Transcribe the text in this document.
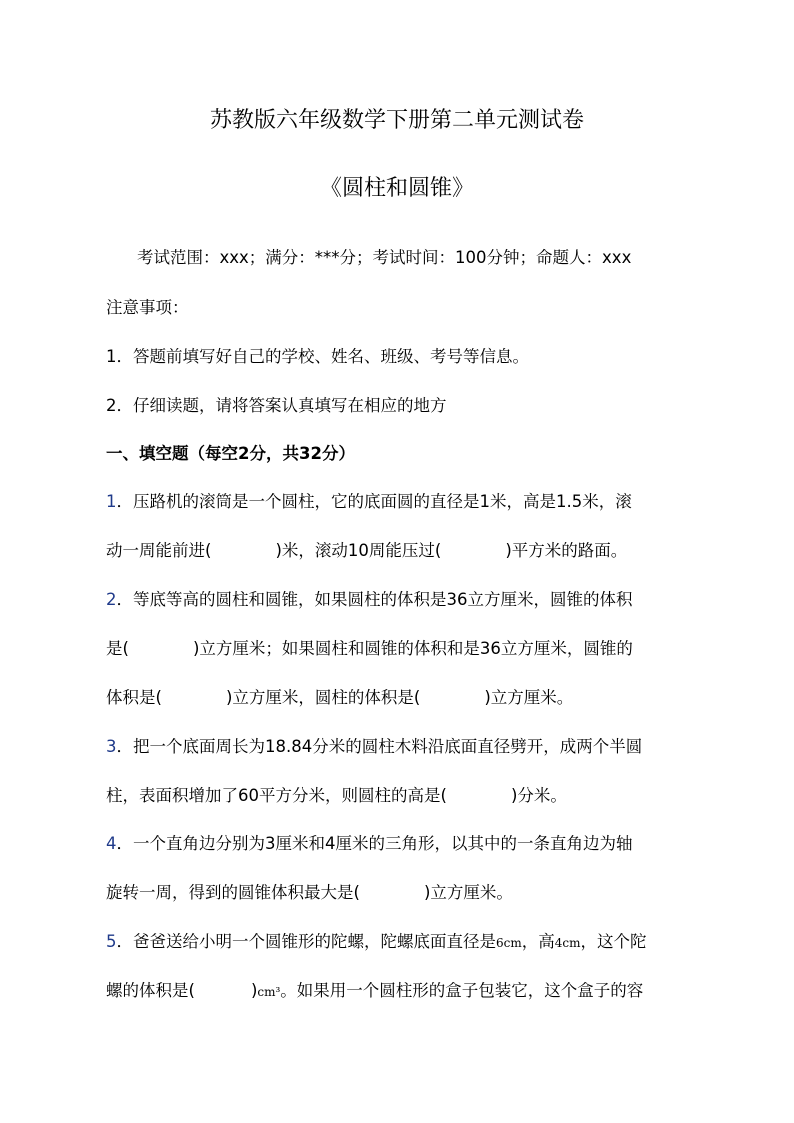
苏教版六年级数学下册第二单元测试卷
《圆柱和圆锥》
考试范围：xxx；满分：***分；考试时间：100分钟；命题人：xxx
注意事项：
1．答题前填写好自己的学校、姓名、班级、考号等信息。
2．仔细读题，请将答案认真填写在相应的地方
一、填空题（每空2分，共32分）
1．压路机的滚筒是一个圆柱，它的底面圆的直径是1米，高是1.5米，滚
动一周能前进(	)米，滚动10周能压过(	)平方米的路面。
2．等底等高的圆柱和圆锥，如果圆柱的体积是36立方厘米，圆锥的体积
是(	)立方厘米；如果圆柱和圆锥的体积和是36立方厘米，圆锥的
体积是(	)立方厘米，圆柱的体积是(	)立方厘米。
3．把一个底面周长为18.84分米的圆柱木料沿底面直径劈开，成两个半圆
柱，表面积增加了60平方分米，则圆柱的高是(	)分米。
4．一个直角边分别为3厘米和4厘米的三角形，以其中的一条直角边为轴
旋转一周，得到的圆锥体积最大是(	)立方厘米。
5．爸爸送给小明一个圆锥形的陀螺，陀螺底面直径是6cm，高4cm，这个陀
螺的体积是(	)cm³。如果用一个圆柱形的盒子包装它，这个盒子的容
